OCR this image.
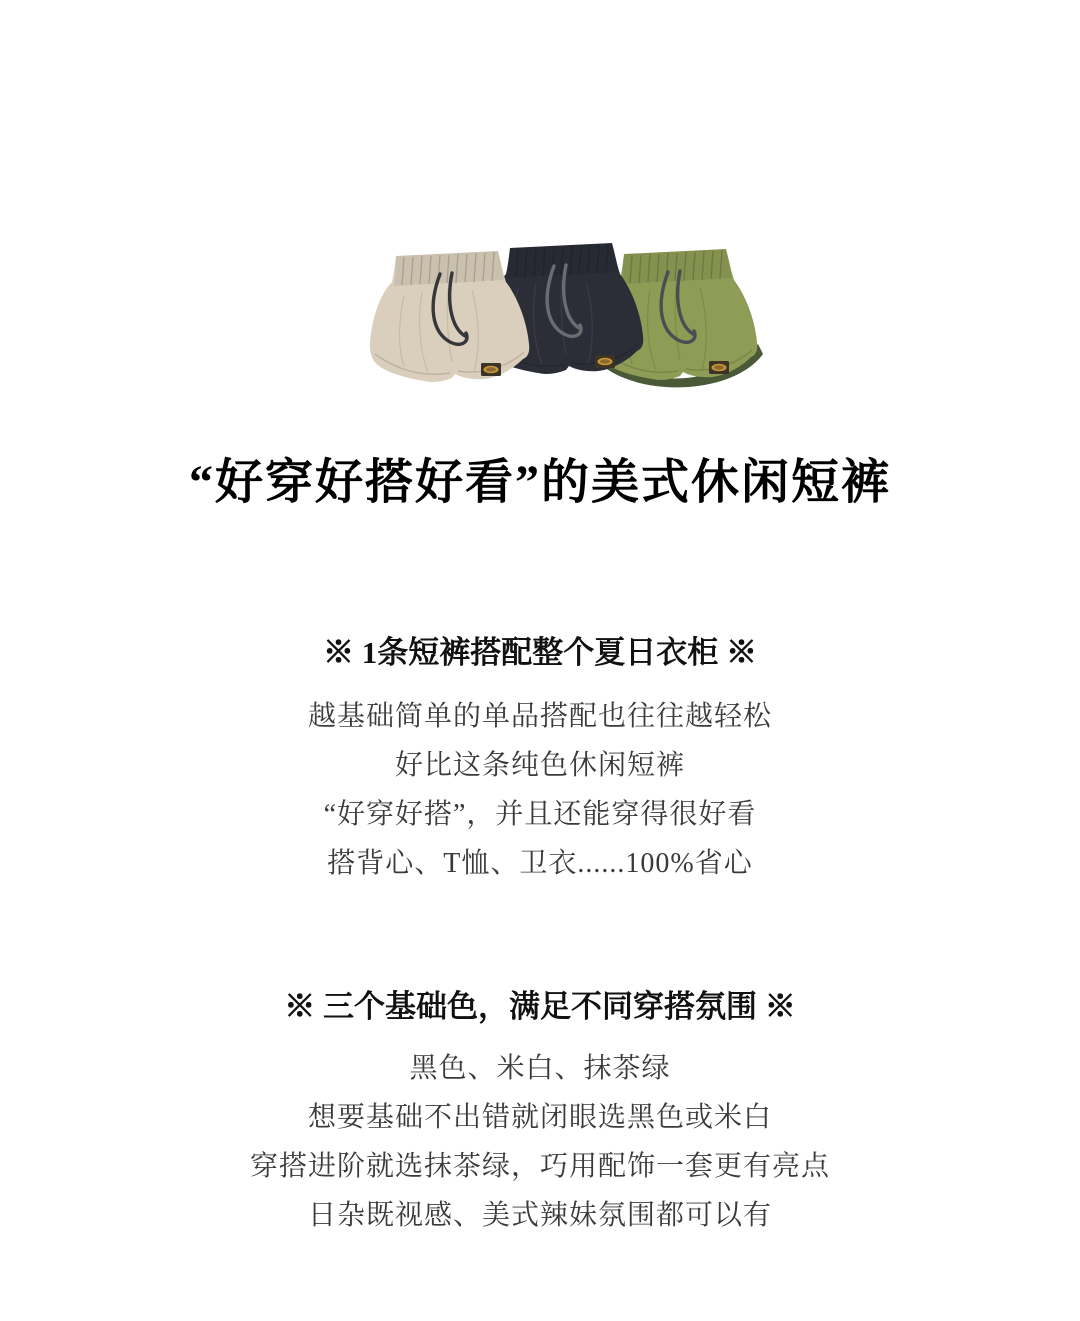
“好穿好搭好看”的美式休闲短裤
※ 1条短裤搭配整个夏日衣柜 ※

越基础简单的单品搭配也往往越轻松

好比这条纯色休闲短裤

“好穿好搭”，并且还能穿得很好看

搭背心、T恤、卫衣......100%省心

※ 三个基础色，满足不同穿搭氛围 ※

黑色、米白、抹茶绿

想要基础不出错就闭眼选黑色或米白

穿搭进阶就选抹茶绿，巧用配饰一套更有亮点

日杂既视感、美式辣妹氛围都可以有
